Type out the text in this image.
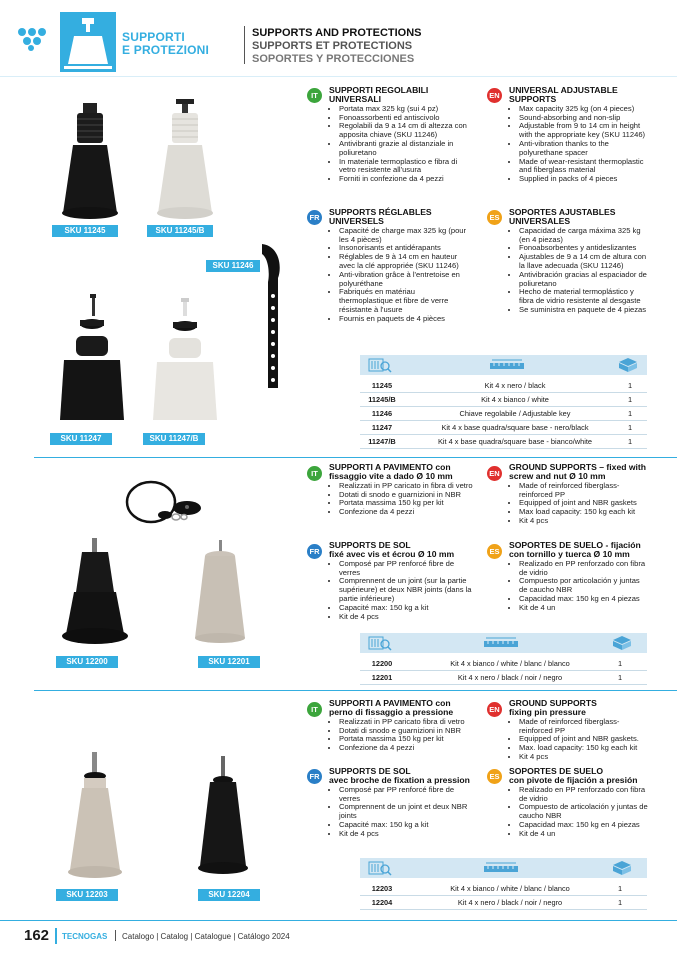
SUPPORTI
E PROTEZIONI
SUPPORTS AND PROTECTIONS
SUPPORTS ET PROTECTIONS
SOPORTES Y PROTECCIONES
SKU 11245	SKU 11245/B
SKU 11246
SKU 11247	SKU 11247/B
IT
SUPPORTI REGOLABILI
UNIVERSALI
• Portata max 325 kg (sui 4 pz)
• Fonoassorbenti ed antiscivolo
• Regolabili da 9 a 14 cm di altezza con apposita chiave (SKU 11246)
• Antivibranti grazie al distanziale in poliuretano
• In materiale termoplastico e fibra di vetro resistente all'usura
• Forniti in confezione da 4 pezzi
EN
UNIVERSAL ADJUSTABLE
SUPPORTS
• Max capacity 325 kg (on 4 pieces)
• Sound-absorbing and non-slip
• Adjustable from 9 to 14 cm in height with the appropriate key (SKU 11246)
• Anti-vibration thanks to the polyurethane spacer
• Made of wear-resistant thermoplastic and fiberglass material
• Supplied in packs of 4 pieces
FR
SUPPORTS RÉGLABLES
UNIVERSELS
• Capacité de charge max 325 kg (pour les 4 pièces)
• Insonorisants et antidérapants
• Réglables de 9 à 14 cm en hauteur avec la clé appropriée (SKU 11246)
• Anti-vibration grâce à l'entretoise en polyuréthane
• Fabriqués en matériau thermoplastique et fibre de verre résistante à l'usure
• Fournis en paquets de 4 pièces
ES
SOPORTES AJUSTABLES
UNIVERSALES
• Capacidad de carga máxima 325 kg (en 4 piezas)
• Fonoabsorbentes y antideslizantes
• Ajustables de 9 a 14 cm de altura con la llave adecuada (SKU 11246)
• Antivibración gracias al espaciador de poliuretano
• Hecho de material termoplástico y fibra de vidrio resistente al desgaste
• Se suministra en paquete de 4 piezas
11245	Kit 4 x nero / black	1
11245/B	Kit 4 x bianco / white	1
11246	Chiave regolabile / Adjustable key	1
11247	Kit 4 x base quadra/square base - nero/black	1
11247/B	Kit 4 x base quadra/square base - bianco/white	1
SKU 12200	SKU 12201
IT
SUPPORTI A PAVIMENTO con
fissaggio vite a dado Ø 10 mm
• Realizzati in PP caricato in fibra di vetro
• Dotati di snodo e guarnizioni in NBR
• Portata massima 150 kg per kit
• Confezione da 4 pezzi
EN
GROUND SUPPORTS – fixed with
screw and nut Ø 10 mm
• Made of reinforced fiberglass-reinforced PP
• Equipped of joint and NBR gaskets
• Max load capacity: 150 kg each kit
• Kit 4 pcs
FR
SUPPORTS DE SOL
fixé avec vis et écrou Ø 10 mm
• Composé par PP renforcé fibre de verres
• Comprennent de un joint (sur la partie supérieure) et deux NBR joints (dans la partie inférieure)
• Capacité max: 150 kg a kit
• Kit de 4 pcs
ES
SOPORTES DE SUELO - fijación
con tornillo y tuerca Ø 10 mm
• Realizado en PP renforzado con fibra de vidrio
• Compuesto por articolación y juntas de caucho NBR
• Capacidad max: 150 kg en 4 piezas
• Kit de 4 un
12200	Kit 4 x bianco / white / blanc / blanco	1
12201	Kit 4 x nero / black / noir / negro	1
SKU 12203	SKU 12204
IT
SUPPORTI A PAVIMENTO con
perno di fissaggio a pressione
• Realizzati in PP caricato fibra di vetro
• Dotati di snodo e guarnizioni in NBR
• Portata massima 150 kg per kit
• Confezione da 4 pezzi
EN
GROUND SUPPORTS
fixing pin pressure
• Made of reinforced fiberglass-reinforced PP
• Equipped of joint and NBR gaskets.
• Max. load capacity: 150 kg each kit
• Kit 4 pcs
FR
SUPPORTS DE SOL
avec broche de fixation a pression
• Composé par PP renforcé fibre de verres
• Comprennent de un joint et deux NBR joints
• Capacité max: 150 kg a kit
• Kit de 4 pcs
ES
SOPORTES DE SUELO
con pivote de fijación a presión
• Realizado en PP renforzado con fibra de vidrio
• Compuesto de articolación y juntas de caucho NBR
• Capacidad max: 150 kg en 4 piezas
• Kit de 4 un
12203	Kit 4 x bianco / white / blanc / blanco	1
12204	Kit 4 x nero / black / noir / negro	1
162 TECNOGAS Catalogo | Catalog | Catalogue | Catálogo 2024
